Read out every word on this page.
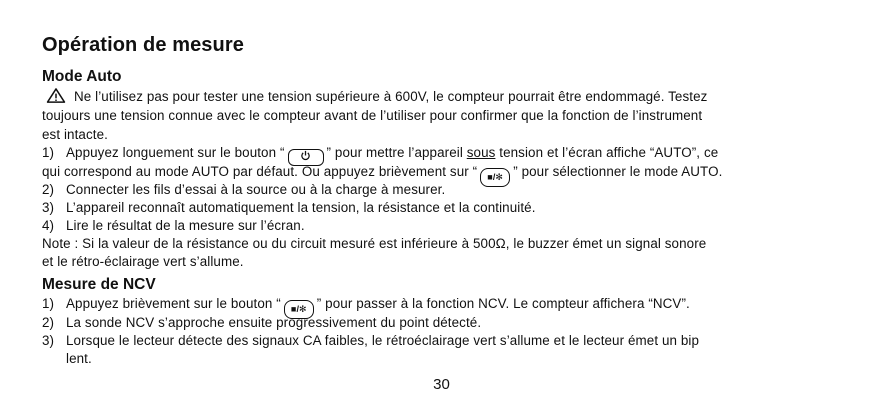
Opération de mesure
Mode Auto

Ne l’utilisez pas pour tester une tension supérieure à 600V, le compteur pourrait être endommagé. Testez

toujours une tension connue avec le compteur avant de l’utiliser pour confirmer que la fonction de l’instrument

est intacte.

1) Appuyez longuement sur le bouton “	” pour mettre l’appareil sous tension et l’écran affiche “AUTO”, ce

qui correspond au mode AUTO par défaut. Ou appuyez brièvement sur “ ■/✻ ” pour sélectionner le mode AUTO.

2) Connecter les fils d’essai à la source ou à la charge à mesurer.

3) L’appareil reconnaît automatiquement la tension, la résistance et la continuité.

4) Lire le résultat de la mesure sur l’écran.

Note : Si la valeur de la résistance ou du circuit mesuré est inférieure à 500Ω, le buzzer émet un signal sonore

et le rétro-éclairage vert s’allume.

Mesure de NCV

1) Appuyez brièvement sur le bouton “ ■/✻ ” pour passer à la fonction NCV. Le compteur affichera “NCV”.

2) La sonde NCV s’approche ensuite progressivement du point détecté.

3) Lorsque le lecteur détecte des signaux CA faibles, le rétroéclairage vert s’allume et le lecteur émet un bip

lent.

30
